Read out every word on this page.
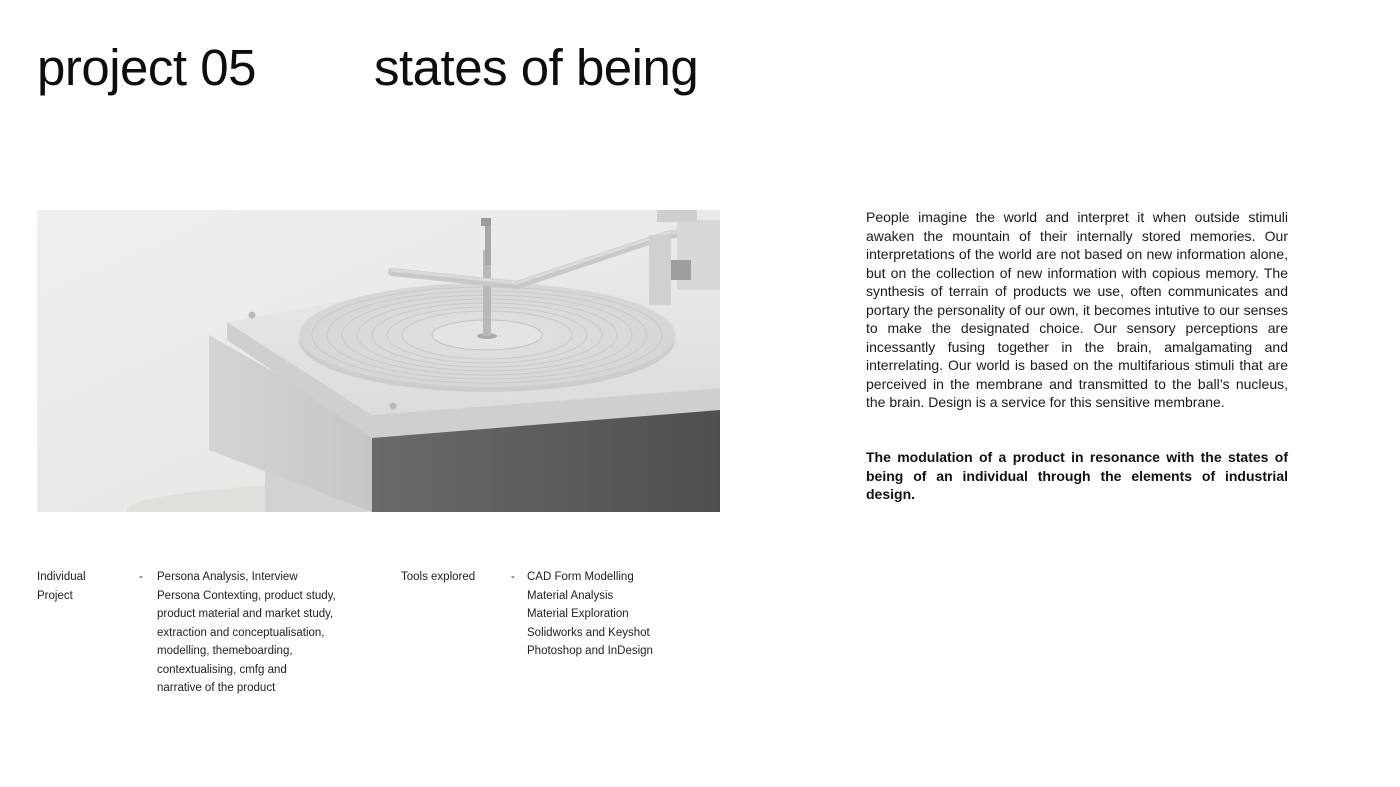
project 05 states of being

People imagine the world and interpret it when outside stimuli awaken the mountain of their internally stored memories. Our interpretations of the world are not based on new information alone, but on the collection of new information with copious memory. The synthesis of terrain of products we use, often communicates and portary the personality of our own, it becomes intutive to our senses to make the designated choice. Our sensory perceptions are incessantly fusing together in the brain, amalgamating and interrelating. Our world is based on the multifarious stimuli that are perceived in the membrane and transmitted to the ball’s nucleus, the brain. Design is a service for this sensitive membrane.

The modulation of a product in resonance with the states of being of an individual through the elements of industrial design.

Individual
Project
- Persona Analysis, Interview
Persona Contexting, product study,
product material and market study,
extraction and conceptualisation,
modelling, themeboarding,
contextualising, cmfg and
narrative of the product
Tools explored	- CAD Form Modelling
Material Analysis
Material Exploration
Solidworks and Keyshot
Photoshop and InDesign
